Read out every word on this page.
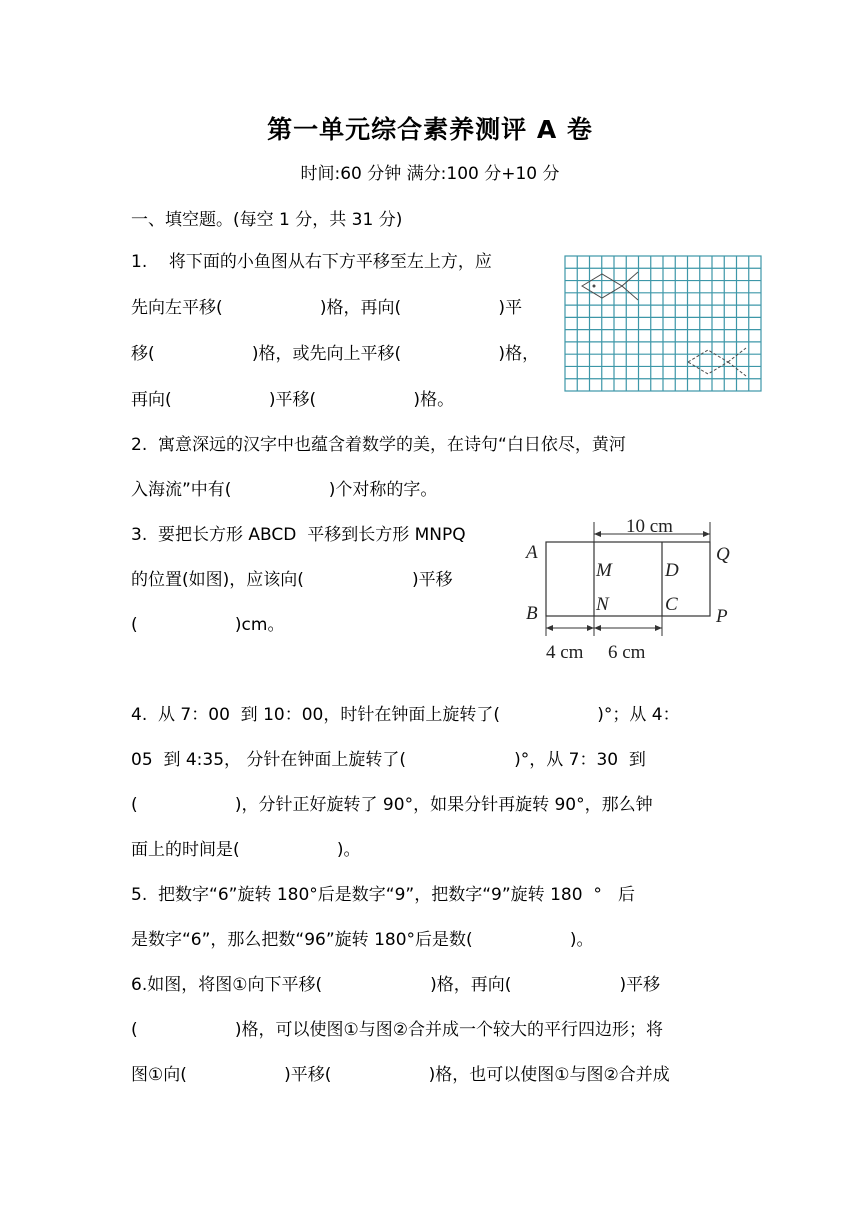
第一单元综合素养测评 A 卷
时间:60 分钟 满分:100 分+10 分
一、填空题。(每空 1 分，共 31 分)
1.    将下面的小鱼图从右下方平移至左上方，应
先向左平移(                  )格，再向(                  )平
移(                  )格，或先向上平移(                  )格，
再向(                  )平移(                  )格。
2.  寓意深远的汉字中也蕴含着数学的美，在诗句“白日依尽，黄河
入海流”中有(                  )个对称的字。
3.  要把长方形 ABCD  平移到长方形 MNPQ
的位置(如图)，应该向(                    )平移
(                  )cm。
10 cm
4 cm 6 cm
A
B
M
N
D
C
Q
P
4.  从 7：00  到 10：00，时针在钟面上旋转了(                  )°；从 4：
05  到 4:35， 分针在钟面上旋转了(                    )°，从 7：30  到
(                  )，分针正好旋转了 90°，如果分针再旋转 90°，那么钟
面上的时间是(                  )。
5.  把数字“6”旋转 180°后是数字“9”，把数字“9”旋转 180  °   后
是数字“6”，那么把数“96”旋转 180°后是数(                  )。
6.如图，将图①向下平移(                    )格，再向(                    )平移
(                  )格，可以使图①与图②合并成一个较大的平行四边形；将
图①向(                  )平移(                  )格，也可以使图①与图②合并成
